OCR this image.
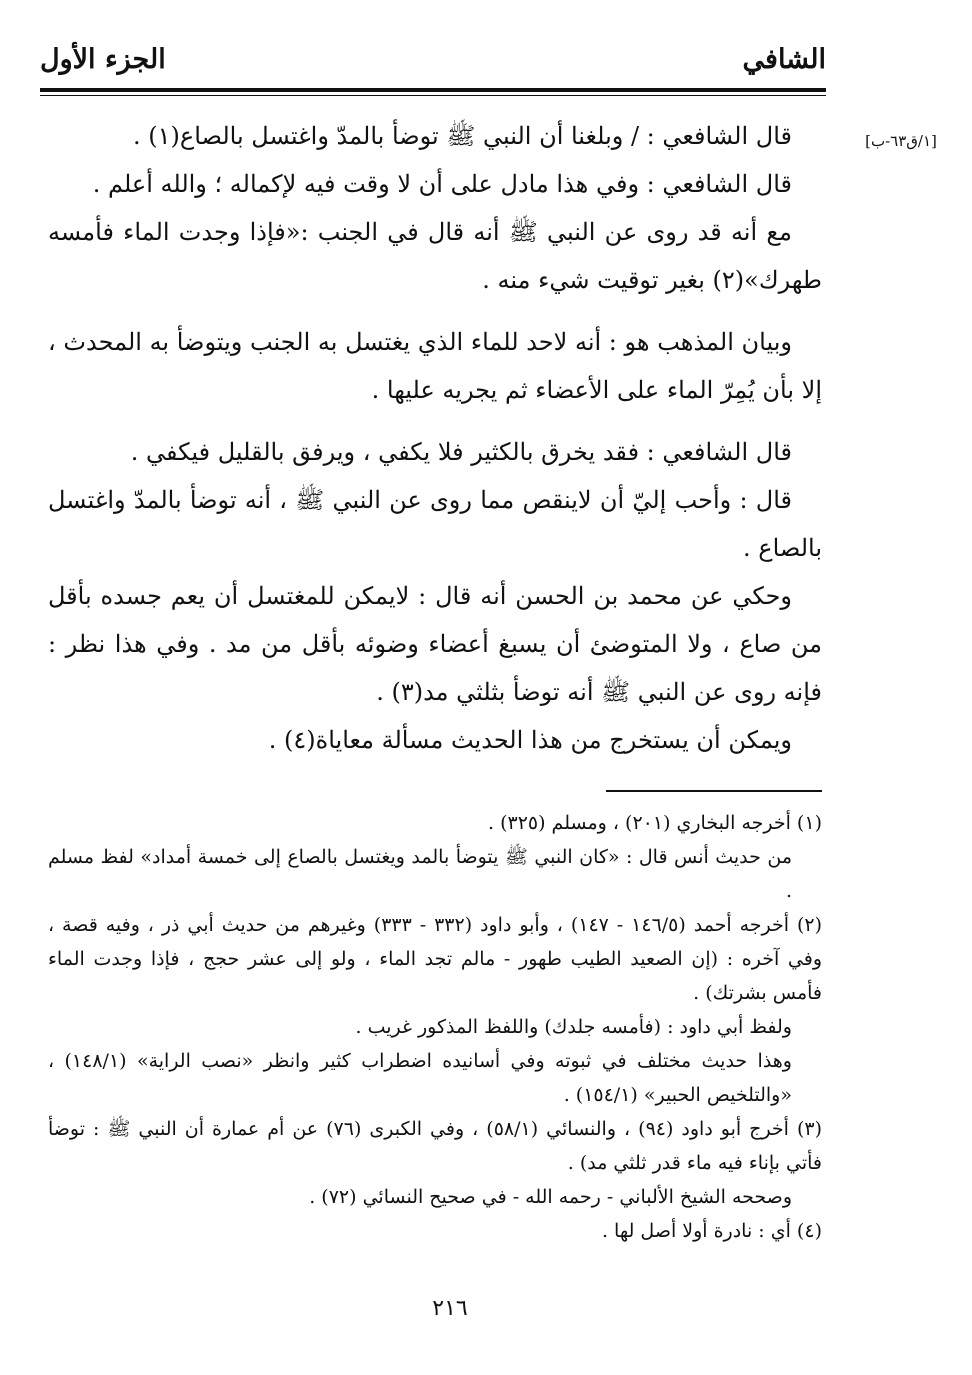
الشافي
الجزء الأول
[١/ق٦٣-ب]

قال الشافعي : / وبلغنا أن النبي ﷺ توضأ بالمدّ واغتسل بالصاع(١) .

قال الشافعي : وفي هذا مادل على أن لا وقت فيه لإكماله ؛ والله أعلم .

مع أنه قد روى عن النبي ﷺ أنه قال في الجنب :«فإذا وجدت الماء فأمسه طهرك»(٢) بغير توقيت شيء منه .

وبيان المذهب هو : أنه لاحد للماء الذي يغتسل به الجنب ويتوضأ به المحدث ، إلا بأن يُمِرّ الماء على الأعضاء ثم يجريه عليها .

قال الشافعي : فقد يخرق بالكثير فلا يكفي ، ويرفق بالقليل فيكفي .

قال : وأحب إليّ أن لاينقص مما روى عن النبي ﷺ ، أنه توضأ بالمدّ واغتسل بالصاع .

وحكي عن محمد بن الحسن أنه قال : لايمكن للمغتسل أن يعم جسده بأقل من صاع ، ولا المتوضئ أن يسبغ أعضاء وضوئه بأقل من مد . وفي هذا نظر : فإنه روى عن النبي ﷺ أنه توضأ بثلثي مد(٣) .

ويمكن أن يستخرج من هذا الحديث مسألة معاياة(٤) .

(١) أخرجه البخاري (٢٠١) ، ومسلم (٣٢٥) .

من حديث أنس قال : «كان النبي ﷺ يتوضأ بالمد ويغتسل بالصاع إلى خمسة أمداد» لفظ مسلم .

(٢) أخرجه أحمد (١٤٦/٥ - ١٤٧) ، وأبو داود (٣٣٢ - ٣٣٣) وغيرهم من حديث أبي ذر ، وفيه قصة ، وفي آخره : (إن الصعيد الطيب طهور - مالم تجد الماء ، ولو إلى عشر حجج ، فإذا وجدت الماء فأمس بشرتك) .

ولفظ أبي داود : (فأمسه جلدك) واللفظ المذكور غريب .

وهذا حديث مختلف في ثبوته وفي أسانيده اضطراب كثير وانظر «نصب الراية» (١٤٨/١) ، «والتلخيص الحبير» (١٥٤/١) .

(٣) أخرج أبو داود (٩٤) ، والنسائي (٥٨/١) ، وفي الكبرى (٧٦) عن أم عمارة أن النبي ﷺ : توضأ فأتي بإناء فيه ماء قدر ثلثي مد) .

وصححه الشيخ الألباني - رحمه الله - في صحيح النسائي (٧٢) .

(٤) أي : نادرة أولا أصل لها .

٢١٦
